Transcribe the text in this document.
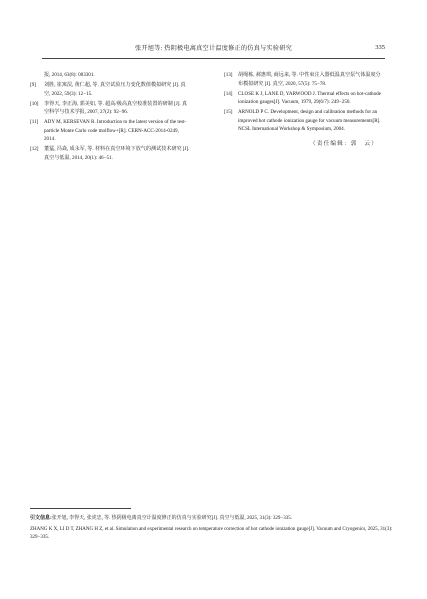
张开旭等: 热阴极电离真空计温度修正的仿真与实验研究	335

报, 2014, 63(8): 083301.

[9] 刘胜, 崔寓淏, 黄仁超, 等. 真空试验压力变化数值模拟研究 [J]. 真空, 2022, 59(3): 12−15.

[10] 李得天, 李正海, 郭美如, 等. 超高/极高真空校准装置的研制 [J]. 真空科学与技术学报, 2007, 27(2): 92−96.

[11] ADY M, KERSEVAN R. Introduction to the latest version of the test-particle Monte Carlo code molflow+[R]. CERN-ACC-2014-0249, 2014.

[12] 董猛, 冯焱, 成永军, 等. 材料在真空环境下放气的测试技术研究 [J]. 真空与低温, 2014, 20(1): 46−51.

[13] 胡绳栋, 郝惠琪, 商远来, 等. 中性束注入器低温真空泵气体温度分布模拟研究 [J]. 真空, 2020, 57(5): 75−78.

[14] CLOSE K J, LANE D, YARWOOD J. Thermal effects on hot-cathode ionization gauges[J]. Vacuum, 1979, 29(6/7): 249−250.

[15] ARNOLD P C. Development, design and calibration methods for an improved hot cathode ionization gauge for vacuum measurements[R]. NCSL International Workshop & Symposium, 2004.

（责任编辑：郭　云）

引文信息:张开旭, 李得天, 张虎忠, 等. 热阴极电离真空计温度修正的仿真与实验研究[J]. 真空与低温, 2025, 31(3): 329−335.

ZHANG K X, LI D T, ZHANG H Z, et al. Simulation and experimental research on temperature correction of hot cathode ionization gauge[J]. Vacuum and Cryogenics, 2025, 31(3): 329−335.
